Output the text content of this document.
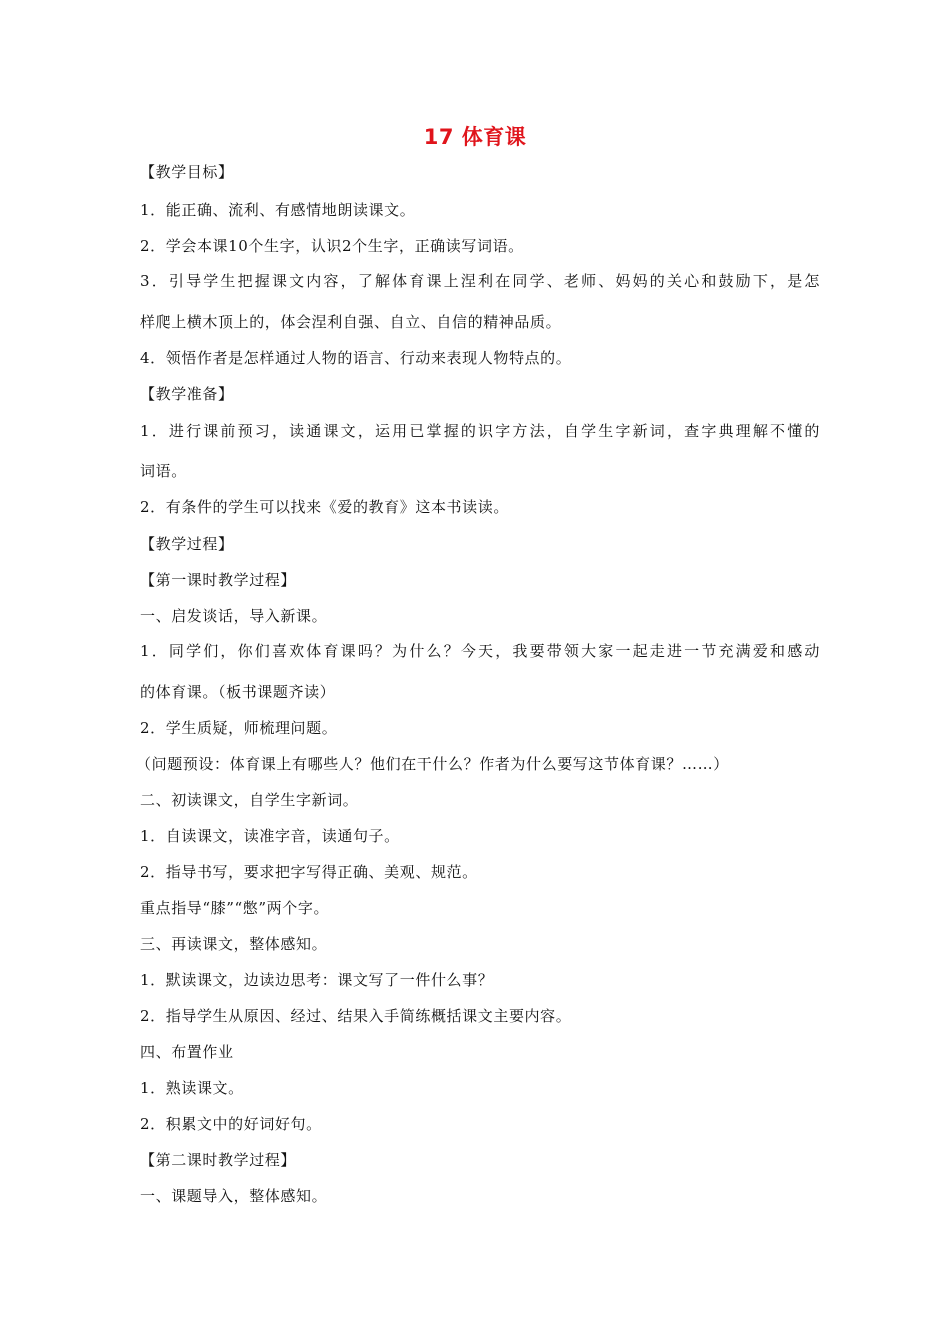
17 体育课
【教学目标】
1．能正确、流利、有感情地朗读课文。
2．学会本课10个生字，认识2个生字，正确读写词语。
3．引导学生把握课文内容，了解体育课上涅利在同学、老师、妈妈的关心和鼓励下，是怎
样爬上横木顶上的，体会涅利自强、自立、自信的精神品质。
4．领悟作者是怎样通过人物的语言、行动来表现人物特点的。
【教学准备】
1．进行课前预习，读通课文，运用已掌握的识字方法，自学生字新词，查字典理解不懂的
词语。
2．有条件的学生可以找来《爱的教育》这本书读读。
【教学过程】
【第一课时教学过程】
一、启发谈话，导入新课。
1．同学们，你们喜欢体育课吗？为什么？今天，我要带领大家一起走进一节充满爱和感动
的体育课。（板书课题齐读）
2．学生质疑，师梳理问题。
（问题预设：体育课上有哪些人？他们在干什么？作者为什么要写这节体育课？……）
二、初读课文，自学生字新词。
1．自读课文，读准字音，读通句子。
2．指导书写，要求把字写得正确、美观、规范。
重点指导“膝”“憋”两个字。
三、再读课文，整体感知。
1．默读课文，边读边思考：课文写了一件什么事？
2．指导学生从原因、经过、结果入手简练概括课文主要内容。
四、布置作业
1．熟读课文。
2．积累文中的好词好句。
【第二课时教学过程】
一、课题导入，整体感知。
